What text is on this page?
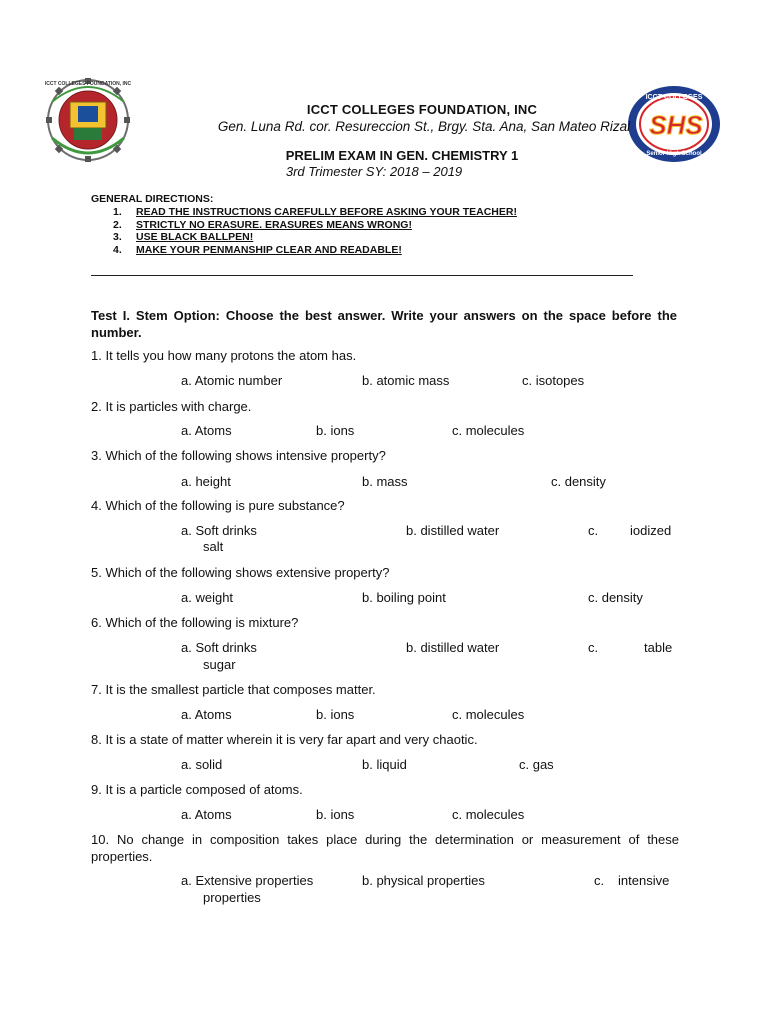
ICCT COLLEGES FOUNDATION, INC
ICCT COLLEGES
SHS
Senior High School
ICCT COLLEGES FOUNDATION, INC
Gen. Luna Rd. cor. Resureccion St., Brgy. Sta. Ana, San Mateo Rizal
PRELIM EXAM IN GEN. CHEMISTRY 1
3rd Trimester SY: 2018 – 2019
GENERAL DIRECTIONS:
1. READ THE INSTRUCTIONS CAREFULLY BEFORE ASKING YOUR TEACHER!
2. STRICTLY NO ERASURE. ERASURES MEANS WRONG!
3. USE BLACK BALLPEN!
4. MAKE YOUR PENMANSHIP CLEAR AND READABLE!
Test I. Stem Option: Choose the best answer. Write your answers on the space before the number.
1. It tells you how many protons the atom has.
a. Atomic number	b. atomic mass	c. isotopes
2. It is particles with charge.
a. Atoms	b. ions	c. molecules
3. Which of the following shows intensive property?
a. height	b. mass	c. density
4. Which of the following is pure substance?
a. Soft drinks	b. distilled water	c. iodized
salt
5. Which of the following shows extensive property?
a. weight	b. boiling point	c. density
6. Which of the following is mixture?
a. Soft drinks	b. distilled water	c.	table
sugar
7. It is the smallest particle that composes matter.
a. Atoms	b. ions	c. molecules
8. It is a state of matter wherein it is very far apart and very chaotic.
a. solid	b. liquid	c. gas
9. It is a particle composed of atoms.
a. Atoms	b. ions	c. molecules
10. No change in composition takes place during the determination or measurement of these properties.
a. Extensive properties	b. physical properties	c. intensive
properties
